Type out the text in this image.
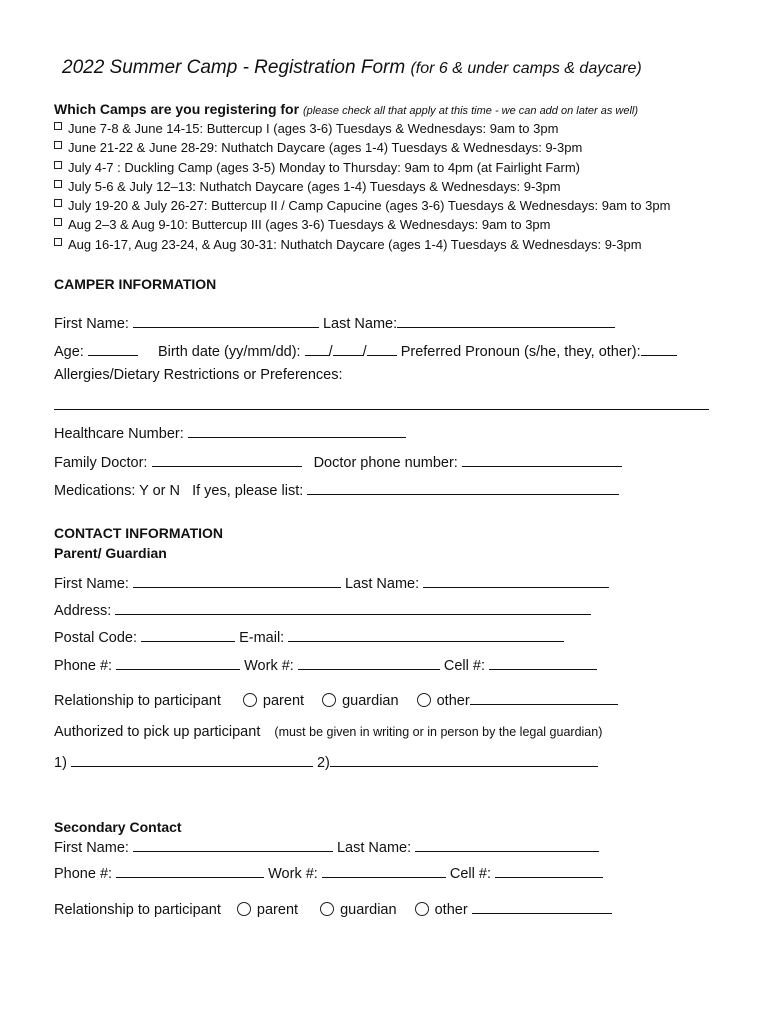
2022 Summer Camp - Registration Form (for 6 & under camps & daycare)
Which Camps are you registering for (please check all that apply at this time - we can add on later as well)
June 7-8 & June 14-15: Buttercup I (ages 3-6) Tuesdays & Wednesdays: 9am to 3pm
June 21-22 & June 28-29: Nuthatch Daycare (ages 1-4) Tuesdays & Wednesdays: 9-3pm
July 4-7 : Duckling Camp (ages 3-5) Monday to Thursday: 9am to 4pm (at Fairlight Farm)
July 5-6 & July 12–13: Nuthatch Daycare (ages 1-4) Tuesdays & Wednesdays: 9-3pm
July 19-20 & July 26-27: Buttercup II / Camp Capucine (ages 3-6) Tuesdays & Wednesdays: 9am to 3pm
Aug 2–3 & Aug 9-10: Buttercup III (ages 3-6) Tuesdays & Wednesdays: 9am to 3pm
Aug 16-17, Aug 23-24, & Aug 30-31: Nuthatch Daycare (ages 1-4) Tuesdays & Wednesdays: 9-3pm
CAMPER INFORMATION
First Name:	Last Name:
Age:	Birth date (yy/mm/dd): / / Preferred Pronoun (s/he, they, other):
Allergies/Dietary Restrictions or Preferences:
Healthcare Number:
Family Doctor:	Doctor phone number:
Medications: Y or N If yes, please list:
CONTACT INFORMATION
Parent/ Guardian
First Name:	Last Name:
Address:
Postal Code:	E-mail:
Phone #:	Work #:	Cell #:
Relationship to participant	parent	guardian	other
Authorized to pick up participant (must be given in writing or in person by the legal guardian)
1)	2)
Secondary Contact
First Name:	Last Name:
Phone #:	Work #:	Cell #:
Relationship to participant parent	guardian	other
